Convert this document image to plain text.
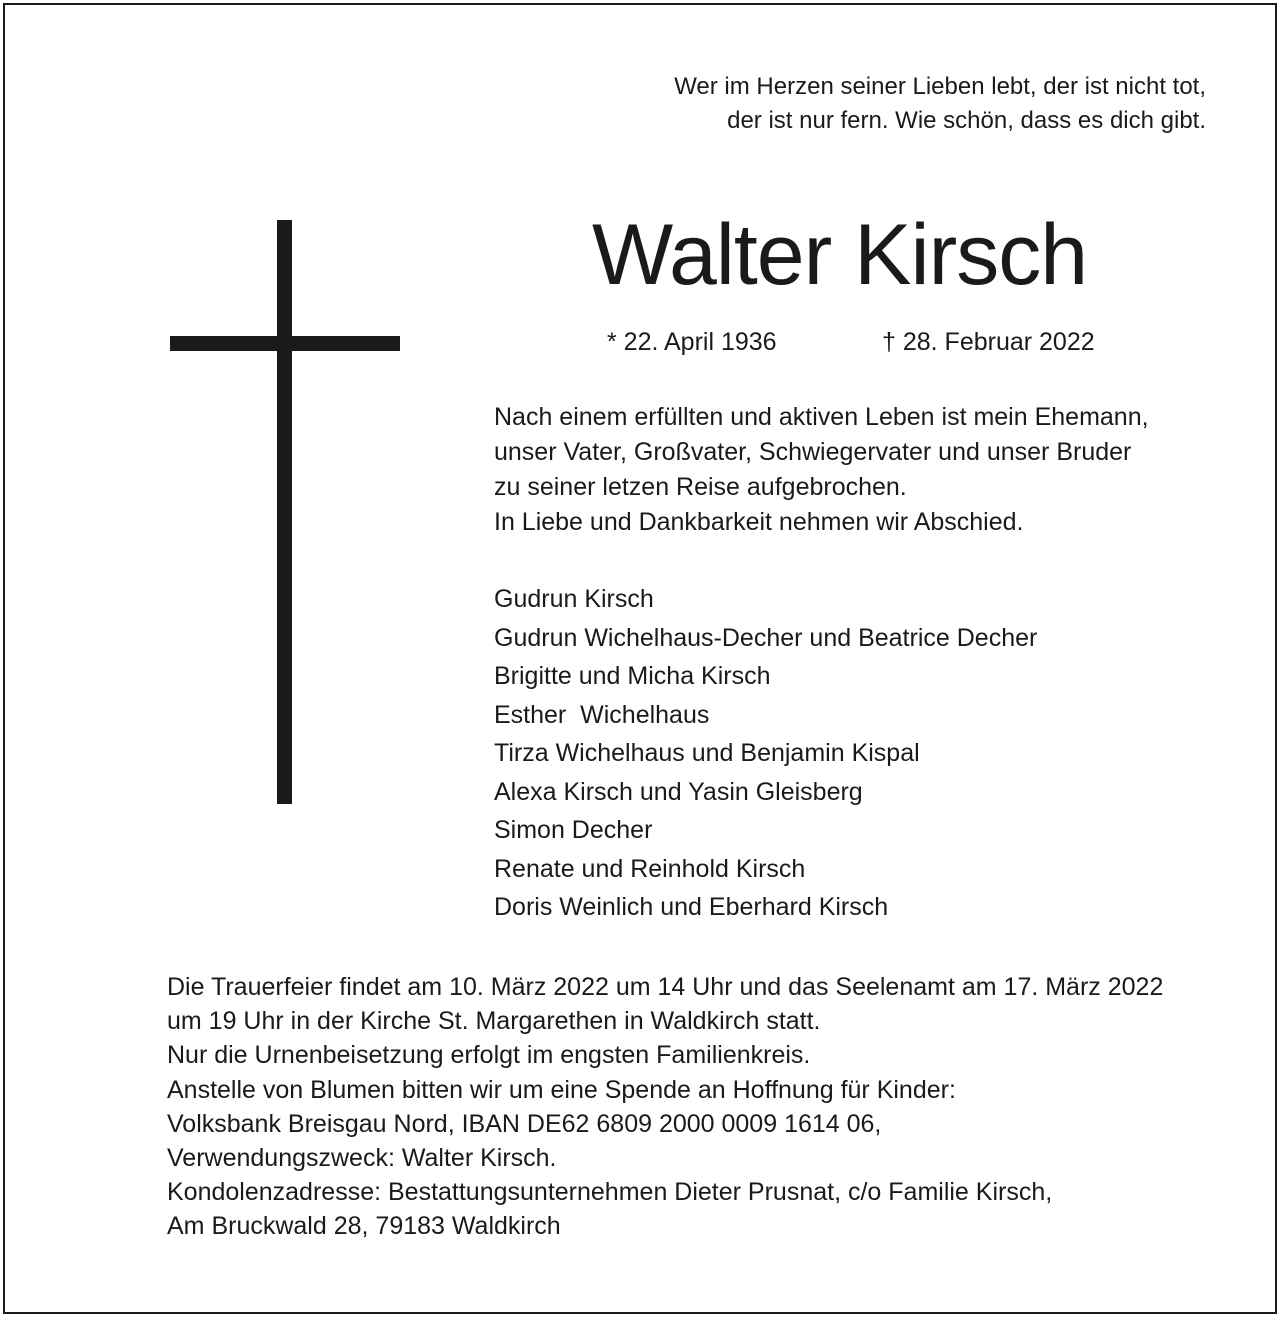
Wer im Herzen seiner Lieben lebt, der ist nicht tot,
der ist nur fern. Wie schön, dass es dich gibt.
Walter Kirsch
* 22. April 1936	† 28. Februar 2022
Nach einem erfüllten und aktiven Leben ist mein Ehemann,
unser Vater, Großvater, Schwiegervater und unser Bruder
zu seiner letzen Reise aufgebrochen.
In Liebe und Dankbarkeit nehmen wir Abschied.
Gudrun Kirsch
Gudrun Wichelhaus-Decher und Beatrice Decher
Brigitte und Micha Kirsch
Esther  Wichelhaus
Tirza Wichelhaus und Benjamin Kispal
Alexa Kirsch und Yasin Gleisberg
Simon Decher
Renate und Reinhold Kirsch
Doris Weinlich und Eberhard Kirsch
Die Trauerfeier findet am 10. März 2022 um 14 Uhr und das Seelenamt am 17. März 2022
um 19 Uhr in der Kirche St. Margarethen in Waldkirch statt.
Nur die Urnenbeisetzung erfolgt im engsten Familienkreis.
Anstelle von Blumen bitten wir um eine Spende an Hoffnung für Kinder:
Volksbank Breisgau Nord, IBAN DE62 6809 2000 0009 1614 06,
Verwendungszweck: Walter Kirsch.
Kondolenzadresse: Bestattungsunternehmen Dieter Prusnat, c/o Familie Kirsch,
Am Bruckwald 28, 79183 Waldkirch
